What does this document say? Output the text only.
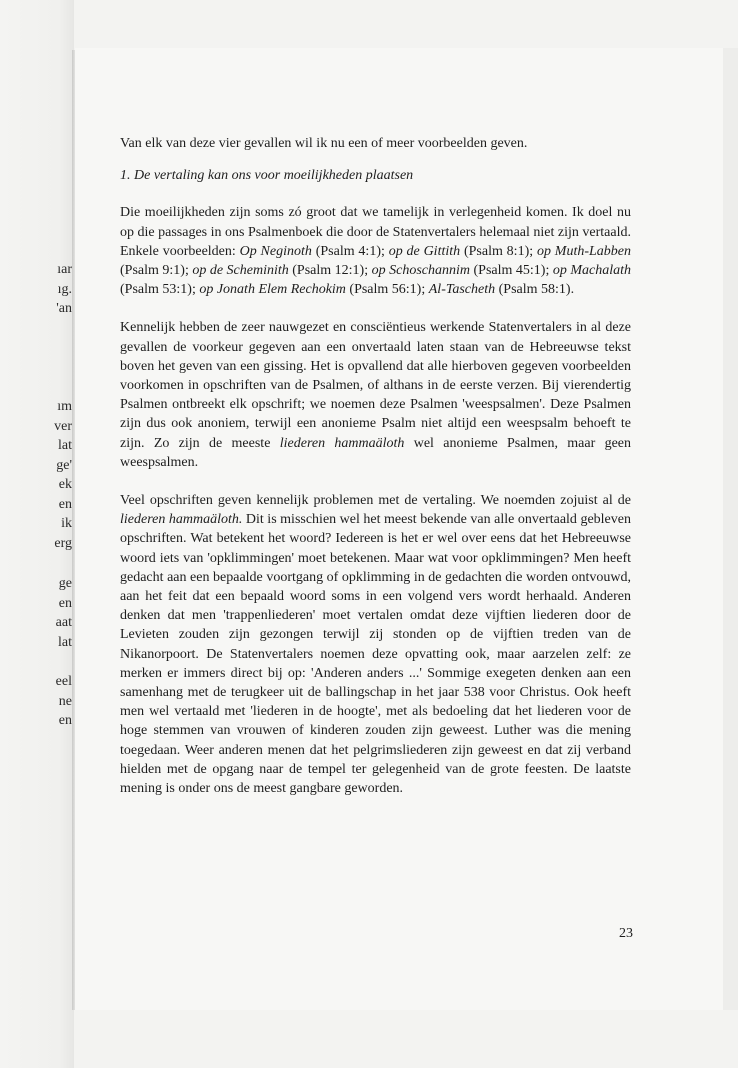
ıar
ıg.
'an
ım
ver
lat
ge'
ek
en
ik
erg
ge
en
aat
lat
eel
ne
en

Van elk van deze vier gevallen wil ik nu een of meer voorbeelden geven.

1. De vertaling kan ons voor moeilijkheden plaatsen

Die moeilijkheden zijn soms zó groot dat we tamelijk in verlegenheid komen. Ik doel nu op die passages in ons Psalmenboek die door de Statenvertalers helemaal niet zijn vertaald. Enkele voorbeelden: Op Neginoth (Psalm 4:1); op de Gittith (Psalm 8:1); op Muth-Labben (Psalm 9:1); op de Scheminith (Psalm 12:1); op Schoschannim (Psalm 45:1); op Machalath (Psalm 53:1); op Jonath Elem Rechokim (Psalm 56:1); Al-Tascheth (Psalm 58:1).

Kennelijk hebben de zeer nauwgezet en consciëntieus werkende Statenvertalers in al deze gevallen de voorkeur gegeven aan een onvertaald laten staan van de Hebreeuwse tekst boven het geven van een gissing. Het is opvallend dat alle hierboven gegeven voorbeelden voorkomen in opschriften van de Psalmen, of althans in de eerste verzen. Bij vierendertig Psalmen ontbreekt elk opschrift; we noemen deze Psalmen 'weespsalmen'. Deze Psalmen zijn dus ook anoniem, terwijl een anonieme Psalm niet altijd een weespsalm behoeft te zijn. Zo zijn de meeste liederen hammaäloth wel anonieme Psalmen, maar geen weespsalmen.

Veel opschriften geven kennelijk problemen met de vertaling. We noemden zojuist al de liederen hammaäloth. Dit is misschien wel het meest bekende van alle onvertaald gebleven opschriften. Wat betekent het woord? Iedereen is het er wel over eens dat het Hebreeuwse woord iets van 'opklimmingen' moet betekenen. Maar wat voor opklimmingen? Men heeft gedacht aan een bepaalde voortgang of opklimming in de gedachten die worden ontvouwd, aan het feit dat een bepaald woord soms in een volgend vers wordt herhaald. Anderen denken dat men 'trappenliederen' moet vertalen omdat deze vijftien liederen door de Levieten zouden zijn gezongen terwijl zij stonden op de vijftien treden van de Nikanorpoort. De Statenvertalers noemen deze opvatting ook, maar aarzelen zelf: ze merken er immers direct bij op: 'Anderen anders ...' Sommige exegeten denken aan een samenhang met de terugkeer uit de ballingschap in het jaar 538 voor Christus. Ook heeft men wel vertaald met 'liederen in de hoogte', met als bedoeling dat het liederen voor de hoge stemmen van vrouwen of kinderen zouden zijn geweest. Luther was die mening toegedaan. Weer anderen menen dat het pelgrimsliederen zijn geweest en dat zij verband hielden met de opgang naar de tempel ter gelegenheid van de grote feesten. De laatste mening is onder ons de meest gangbare geworden.

23
